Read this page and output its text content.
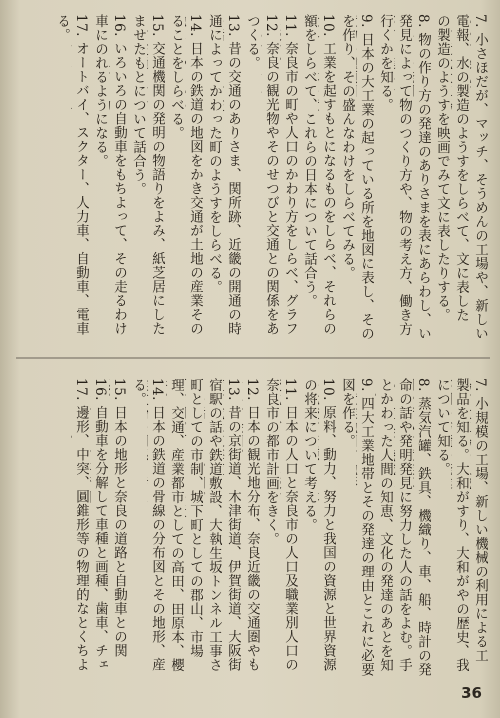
7. 小さほだが、マッチ、そうめんの工場や、新しい
電報、水の製造のようすをしらべて、文に表した
の製造のようすを映画でみて文に表したりする。
8. 物の作り方の発達のありさまを表にあらわし、い
発見によって物のつくり方や、物の考え方、働き方
行くかを知る。
9. 日本の大工業の起っている所を地図に表し、その
を作り、その盛んなわけをしらべてみる。
10. 工業を起すもとになるものをしらべ、それらの
額をしらべて、これらの日本について話合う。
11. 奈良市の町や人口のかわり方をしらべ、グラフ
12. 奈良の観光物やそのせつびと交通との関係をあ
つくる。
13. 昔の交通のありさま、関所跡、近畿の開通の時
通によってかわった町のようすをしらべる。
14. 日本の鉄道の地図をかき交通が土地の産業その
ることをしらべる。
15. 交通機関の発明の物語りをよみ、紙芝居にした
ませたもとについて話合う。
16. いろいろの自動車をもちよって、その走るわけ
車にのれるようになる。
17. オートバイ、スクター、人力車、自動車、電車
る。
7. 小規模の工場、新しい機械の利用による工
製品を知る。大和がすり、大和がやの歴史、我
について知る。
8. 蒸気汽罐、鉄具、機織り、車、船、時計の発
命の話や発明発見に努力した人の話をよむ。手
とかわった人間の知恵、文化の発達のあとを知
9. 四大工業地帯とその発達の理由とこれに必要
図を作る。
10. 原料、動力、努力と我国の資源と世界資源
の将来について考える。
11. 日本の人口と奈良市の人口及職業別人口の
奈良市の都市計画をきく。
12. 日本の観光地分布、奈良近畿の交通圏やも
13. 昔の京街道、木津街道、伊賀街道、大阪街
宿駅の話や鉄道敷設、大執生坂トンネル工事さ
町としての市制、城下町としての郡山、市場
理、交通、産業都市としての高田、田原本、櫻
14. 日本の鉄道の骨線の分布図とその地形、産
る。
15. 日本の地形と奈良の道路と自動車との関
16. 自動車を分解して車種と画種、歯車、チェ
17. 邊形、中突、圓錐形等の物理的なとくちよ
36
